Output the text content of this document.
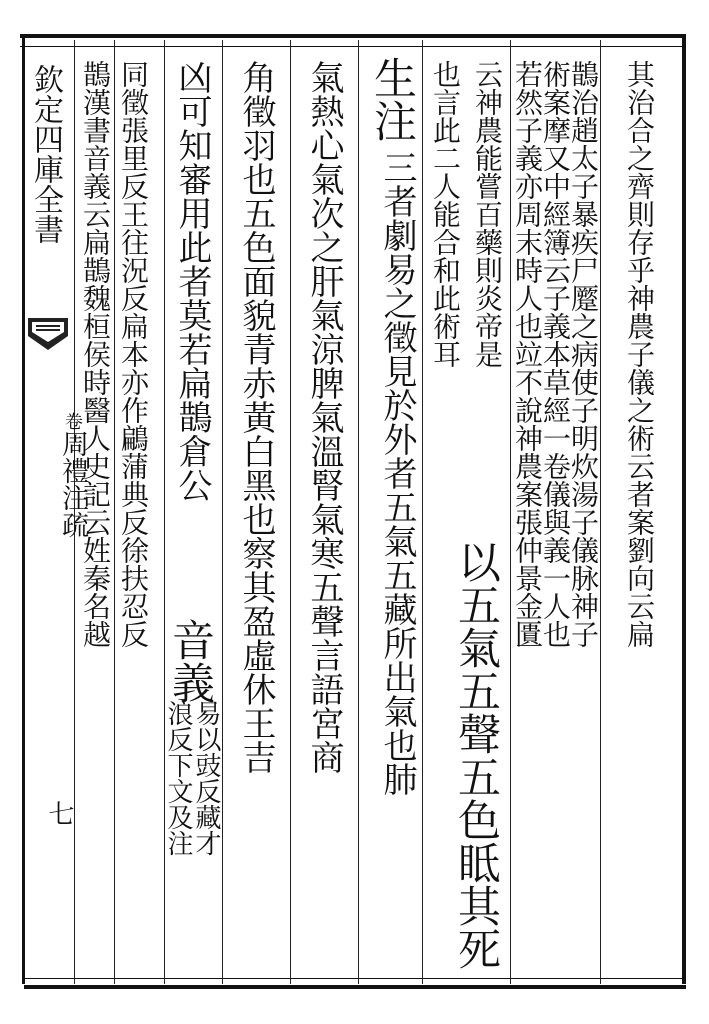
欽定四庫全書
卷周禮注疏
七
其治合之齊則存乎神農子儀之術云者案劉向云扁
鵲治趙太子暴疾尸蹷之病使子明炊湯子儀脉神子
術案摩又中經簿云子義本草經一卷儀與義一人也
若然子義亦周末時人也竝不說神農案張仲景金匱
云神農能嘗百藥則炎帝是
以五氣五聲五色眡其死
也言此二人能合和此術耳
生注
三者劇易之徵見於外者五氣五藏所出氣也肺
氣熱心氣次之肝氣涼脾氣溫腎氣寒五聲言語宮商
角徵羽也五色面貌青赤黃白黑也察其盈虛休王吉
凶可知審用此者莫若扁鵲倉公
音義
易以豉反藏才
浪反下文及注
同徵張里反王往況反扁本亦作鶣蒲典反徐扶忍反
鵲漢書音義云扁鵲魏桓侯時醫人史記云姓秦名越
